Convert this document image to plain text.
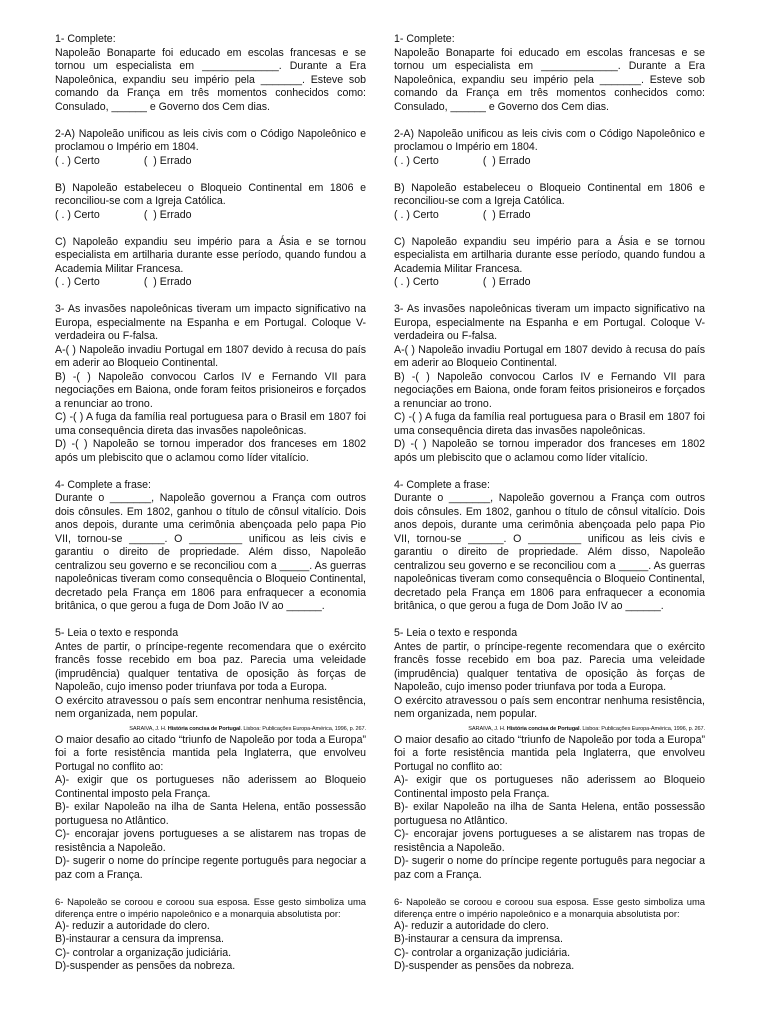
1- Complete:

Napoleão Bonaparte foi educado em escolas francesas e se tornou um especialista em _____________. Durante a Era Napoleônica, expandiu seu império pela _______. Esteve sob comando da França em três momentos conhecidos como: Consulado, ______ e Governo dos Cem dias.

2-A) Napoleão unificou as leis civis com o Código Napoleônico e proclamou o Império em 1804.

( . ) Certo               (  ) Errado

B) Napoleão estabeleceu o Bloqueio Continental em 1806 e reconciliou-se com a Igreja Católica.

( . ) Certo               (  ) Errado

C) Napoleão expandiu seu império para a Ásia e se tornou especialista em artilharia durante esse período, quando fundou a Academia Militar Francesa.

( . ) Certo               (  ) Errado

3- As invasões napoleônicas tiveram um impacto significativo na Europa, especialmente na Espanha e em Portugal. Coloque V-verdadeira ou F-falsa.

A-( ) Napoleão invadiu Portugal em 1807 devido à recusa do país em aderir ao Bloqueio Continental.

B) -( ) Napoleão convocou Carlos IV e Fernando VII para negociações em Baiona, onde foram feitos prisioneiros e forçados a renunciar ao trono.

C) -( ) A fuga da família real portuguesa para o Brasil em 1807 foi uma consequência direta das invasões napoleônicas.

D) -( ) Napoleão se tornou imperador dos franceses em 1802 após um plebiscito que o aclamou como líder vitalício.

4- Complete a frase:

Durante o _______, Napoleão governou a França com outros dois cônsules. Em 1802, ganhou o título de cônsul vitalício. Dois anos depois, durante uma cerimônia abençoada pelo papa Pio VII, tornou-se ______. O _________ unificou as leis civis e garantiu o direito de propriedade. Além disso, Napoleão centralizou seu governo e se reconciliou com a _____. As guerras napoleônicas tiveram como consequência o Bloqueio Continental, decretado pela França em 1806 para enfraquecer a economia britânica, o que gerou a fuga de Dom João IV ao ______.

5- Leia o texto e responda

Antes de partir, o príncipe-regente recomendara que o exército francês fosse recebido em boa paz. Parecia uma veleidade (imprudência) qualquer tentativa de oposição às forças de Napoleão, cujo imenso poder triunfava por toda a Europa.

O exército atravessou o país sem encontrar nenhuma resistência, nem organizada, nem popular.

SARAIVA, J. H. História concisa de Portugal. Lisboa: Publicações Europa-América, 1996, p. 267.

O maior desafio ao citado “triunfo de Napoleão por toda a Europa” foi a forte resistência mantida pela Inglaterra, que envolveu Portugal no conflito ao:

A)- exigir que os portugueses não aderissem ao Bloqueio Continental imposto pela França.

B)- exilar Napoleão na ilha de Santa Helena, então possessão portuguesa no Atlântico.

C)- encorajar jovens portugueses a se alistarem nas tropas de resistência a Napoleão.

D)- sugerir o nome do príncipe regente português para negociar a paz com a França.

6- Napoleão se coroou e coroou sua esposa. Esse gesto simboliza uma diferença entre o império napoleônico e a monarquia absolutista por:

A)- reduzir a autoridade do clero.

B)-instaurar a censura da imprensa.

C)- controlar a organização judiciária.

D)-suspender as pensões da nobreza.

1- Complete:

Napoleão Bonaparte foi educado em escolas francesas e se tornou um especialista em _____________. Durante a Era Napoleônica, expandiu seu império pela _______. Esteve sob comando da França em três momentos conhecidos como: Consulado, ______ e Governo dos Cem dias.

2-A) Napoleão unificou as leis civis com o Código Napoleônico e proclamou o Império em 1804.

( . ) Certo               (  ) Errado

B) Napoleão estabeleceu o Bloqueio Continental em 1806 e reconciliou-se com a Igreja Católica.

( . ) Certo               (  ) Errado

C) Napoleão expandiu seu império para a Ásia e se tornou especialista em artilharia durante esse período, quando fundou a Academia Militar Francesa.

( . ) Certo               (  ) Errado

3- As invasões napoleônicas tiveram um impacto significativo na Europa, especialmente na Espanha e em Portugal. Coloque V-verdadeira ou F-falsa.

A-( ) Napoleão invadiu Portugal em 1807 devido à recusa do país em aderir ao Bloqueio Continental.

B) -( ) Napoleão convocou Carlos IV e Fernando VII para negociações em Baiona, onde foram feitos prisioneiros e forçados a renunciar ao trono.

C) -( ) A fuga da família real portuguesa para o Brasil em 1807 foi uma consequência direta das invasões napoleônicas.

D) -( ) Napoleão se tornou imperador dos franceses em 1802 após um plebiscito que o aclamou como líder vitalício.

4- Complete a frase:

Durante o _______, Napoleão governou a França com outros dois cônsules. Em 1802, ganhou o título de cônsul vitalício. Dois anos depois, durante uma cerimônia abençoada pelo papa Pio VII, tornou-se ______. O _________ unificou as leis civis e garantiu o direito de propriedade. Além disso, Napoleão centralizou seu governo e se reconciliou com a _____. As guerras napoleônicas tiveram como consequência o Bloqueio Continental, decretado pela França em 1806 para enfraquecer a economia britânica, o que gerou a fuga de Dom João IV ao ______.

5- Leia o texto e responda

Antes de partir, o príncipe-regente recomendara que o exército francês fosse recebido em boa paz. Parecia uma veleidade (imprudência) qualquer tentativa de oposição às forças de Napoleão, cujo imenso poder triunfava por toda a Europa.

O exército atravessou o país sem encontrar nenhuma resistência, nem organizada, nem popular.

SARAIVA, J. H. História concisa de Portugal. Lisboa: Publicações Europa-América, 1996, p. 267.

O maior desafio ao citado “triunfo de Napoleão por toda a Europa” foi a forte resistência mantida pela Inglaterra, que envolveu Portugal no conflito ao:

A)- exigir que os portugueses não aderissem ao Bloqueio Continental imposto pela França.

B)- exilar Napoleão na ilha de Santa Helena, então possessão portuguesa no Atlântico.

C)- encorajar jovens portugueses a se alistarem nas tropas de resistência a Napoleão.

D)- sugerir o nome do príncipe regente português para negociar a paz com a França.

6- Napoleão se coroou e coroou sua esposa. Esse gesto simboliza uma diferença entre o império napoleônico e a monarquia absolutista por:

A)- reduzir a autoridade do clero.

B)-instaurar a censura da imprensa.

C)- controlar a organização judiciária.

D)-suspender as pensões da nobreza.
